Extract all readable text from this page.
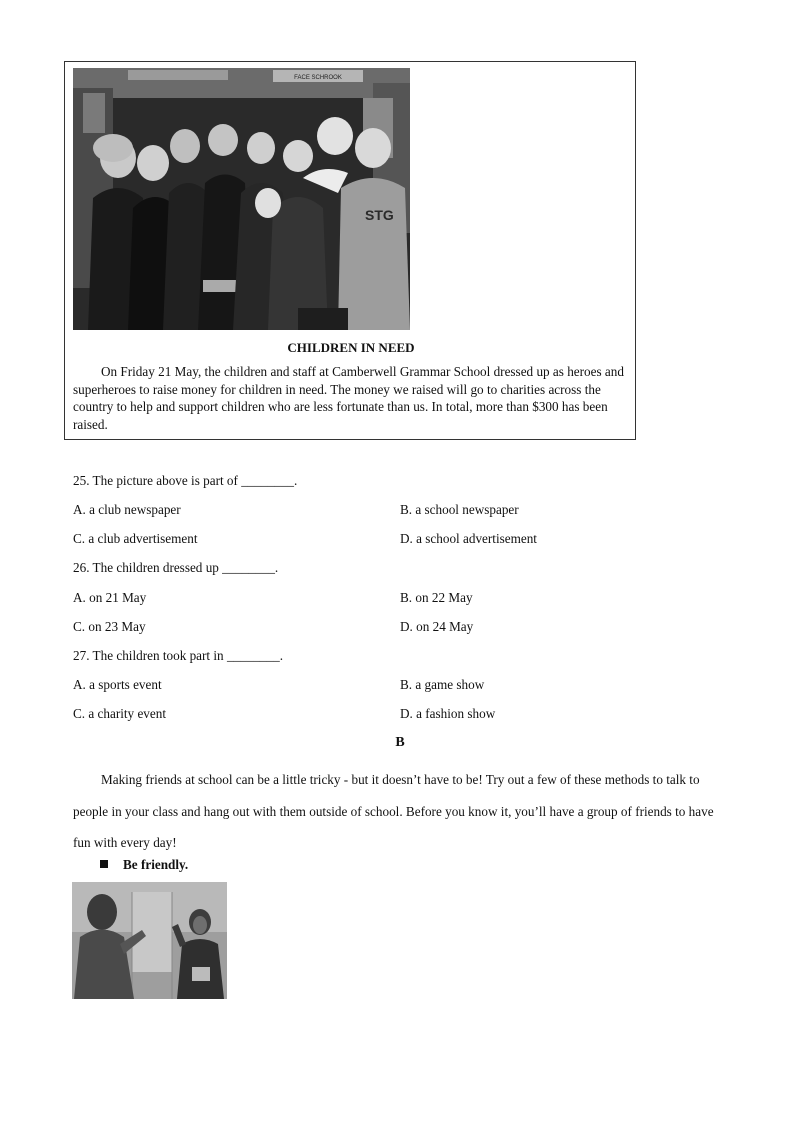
FACE SCHROOK
STG
CHILDREN IN NEED
On Friday 21 May, the children and staff at Camberwell Grammar School dressed up as heroes and superheroes to raise money for children in need. The money we raised will go to charities across the country to help and support children who are less fortunate than us. In total, more than $300 has been raised.
25. The picture above is part of ________.
A. a club newspaper	B. a school newspaper
C. a club advertisement	D. a school advertisement
26. The children dressed up ________.
A. on 21 May	B. on 22 May
C. on 23 May	D. on 24 May
27. The children took part in ________.
A. a sports event	B. a game show
C. a charity event	D. a fashion show
B
Making friends at school can be a little tricky - but it doesn’t have to be! Try out a few of these methods to talk to people in your class and hang out with them outside of school. Before you know it, you’ll have a group of friends to have fun with every day!
Be friendly.
